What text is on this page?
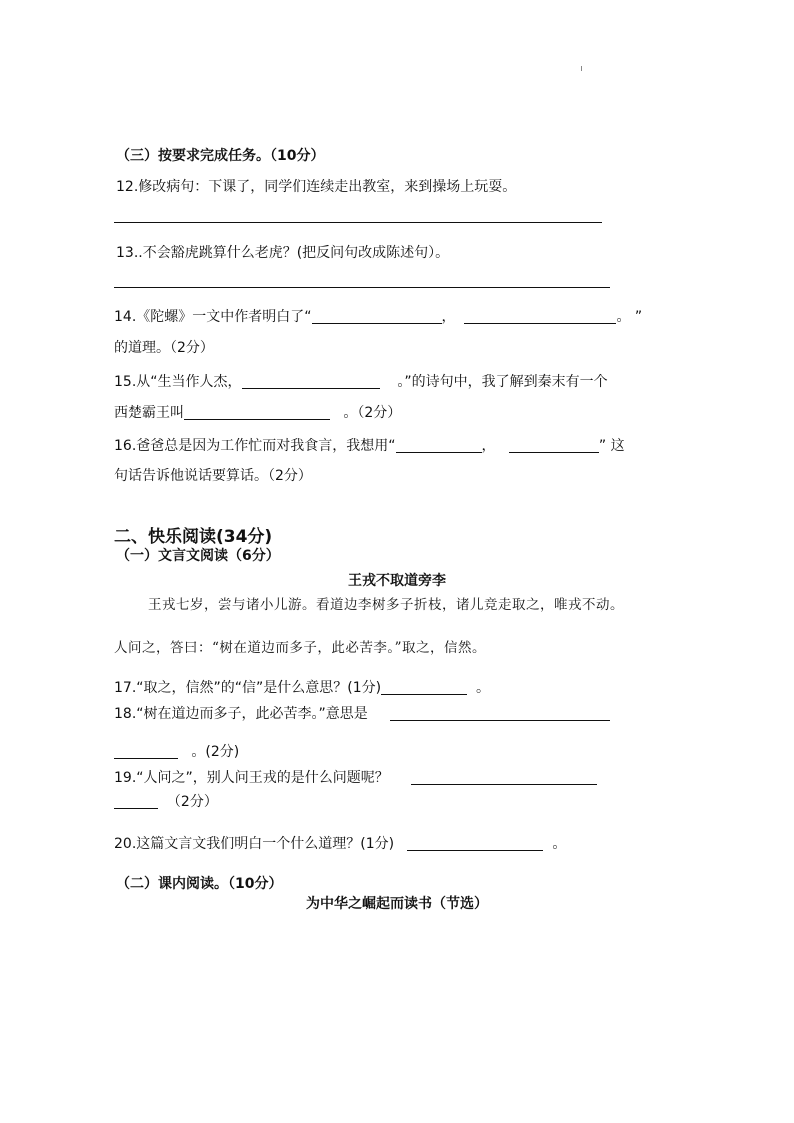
（三）按要求完成任务。（10分）
12.修改病句：下课了，同学们连续走出教室，来到操场上玩耍。
13..不会豁虎跳算什么老虎？(把反问句改成陈述句）。
14.《陀螺》一文中作者明白了“	，	。 ”
的道理。（2分）
15.从“生当作人杰，	。”的诗句中，我了解到秦末有一个
西楚霸王叫	。（2分）
16.爸爸总是因为工作忙而对我食言，我想用“	，	” 这
句话告诉他说话要算话。（2分）
二、快乐阅读(34分)
（一）文言文阅读（6分）
王戎不取道旁李
王戎七岁，尝与诸小儿游。看道边李树多子折枝，诸儿竞走取之，唯戎不动。
人问之，答曰：“树在道边而多子，此必苦李。”取之，信然。
17.“取之，信然”的“信”是什么意思？(1分)	。
18.“树在道边而多子，此必苦李。”意思是
。(2分)
19.“人问之”，别人问王戎的是什么问题呢？
（2分）
20.这篇文言文我们明白一个什么道理？(1分)	。
（二）课内阅读。（10分）
为中华之崛起而读书（节选）
